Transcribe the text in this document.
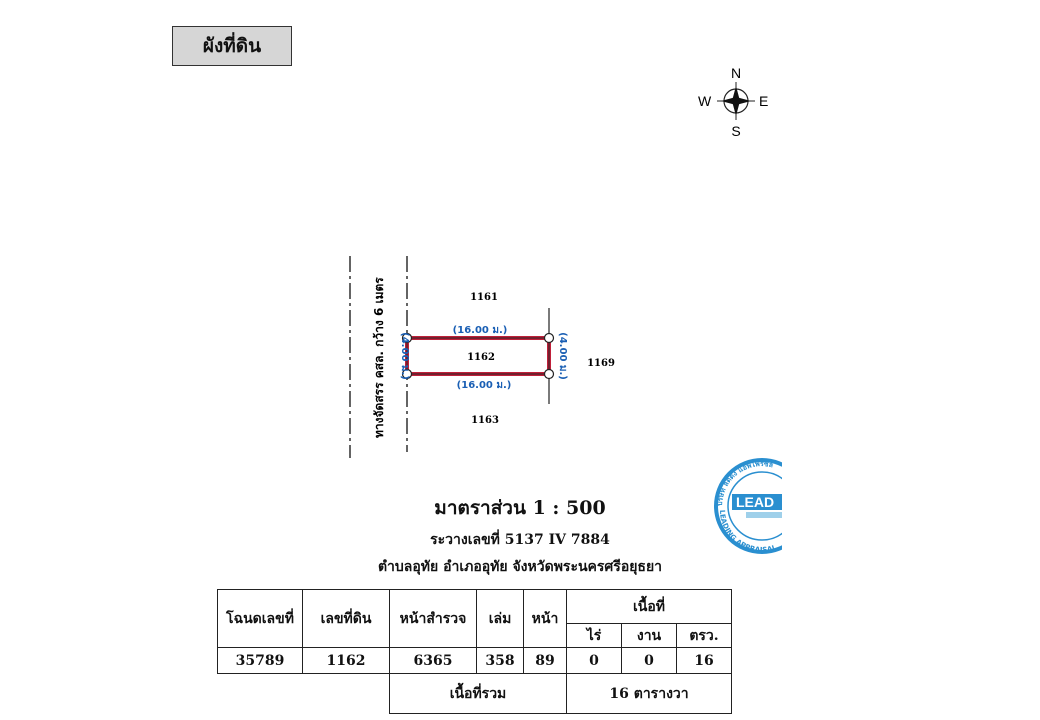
ผังที่ดิน
N
S
E
W
ทางจัดสรร คสล. กว้าง 6 เมตร	1161
1162
1163
1169
(16.00 ม.)
(16.00 ม.)
(4.00 ม.)	(4.00 ม.)
บริษัท ลีดดิ้ง แอพไพรซัล
LEADING APPRAISAL
LEAD
มาตราส่วน 1 : 500
ระวางเลขที่ 5137 IV 7884
ตำบลอุทัย อำเภออุทัย จังหวัดพระนครศรีอยุธยา
โฉนดเลขที่	เลขที่ดิน	หน้าสำรวจ	เล่ม	หน้า	เนื้อที่		
					ไร่	งาน	ตรว.
35789	1162	6365	358	89	0	0	16
		เนื้อที่รวม			16 ตารางวา		
